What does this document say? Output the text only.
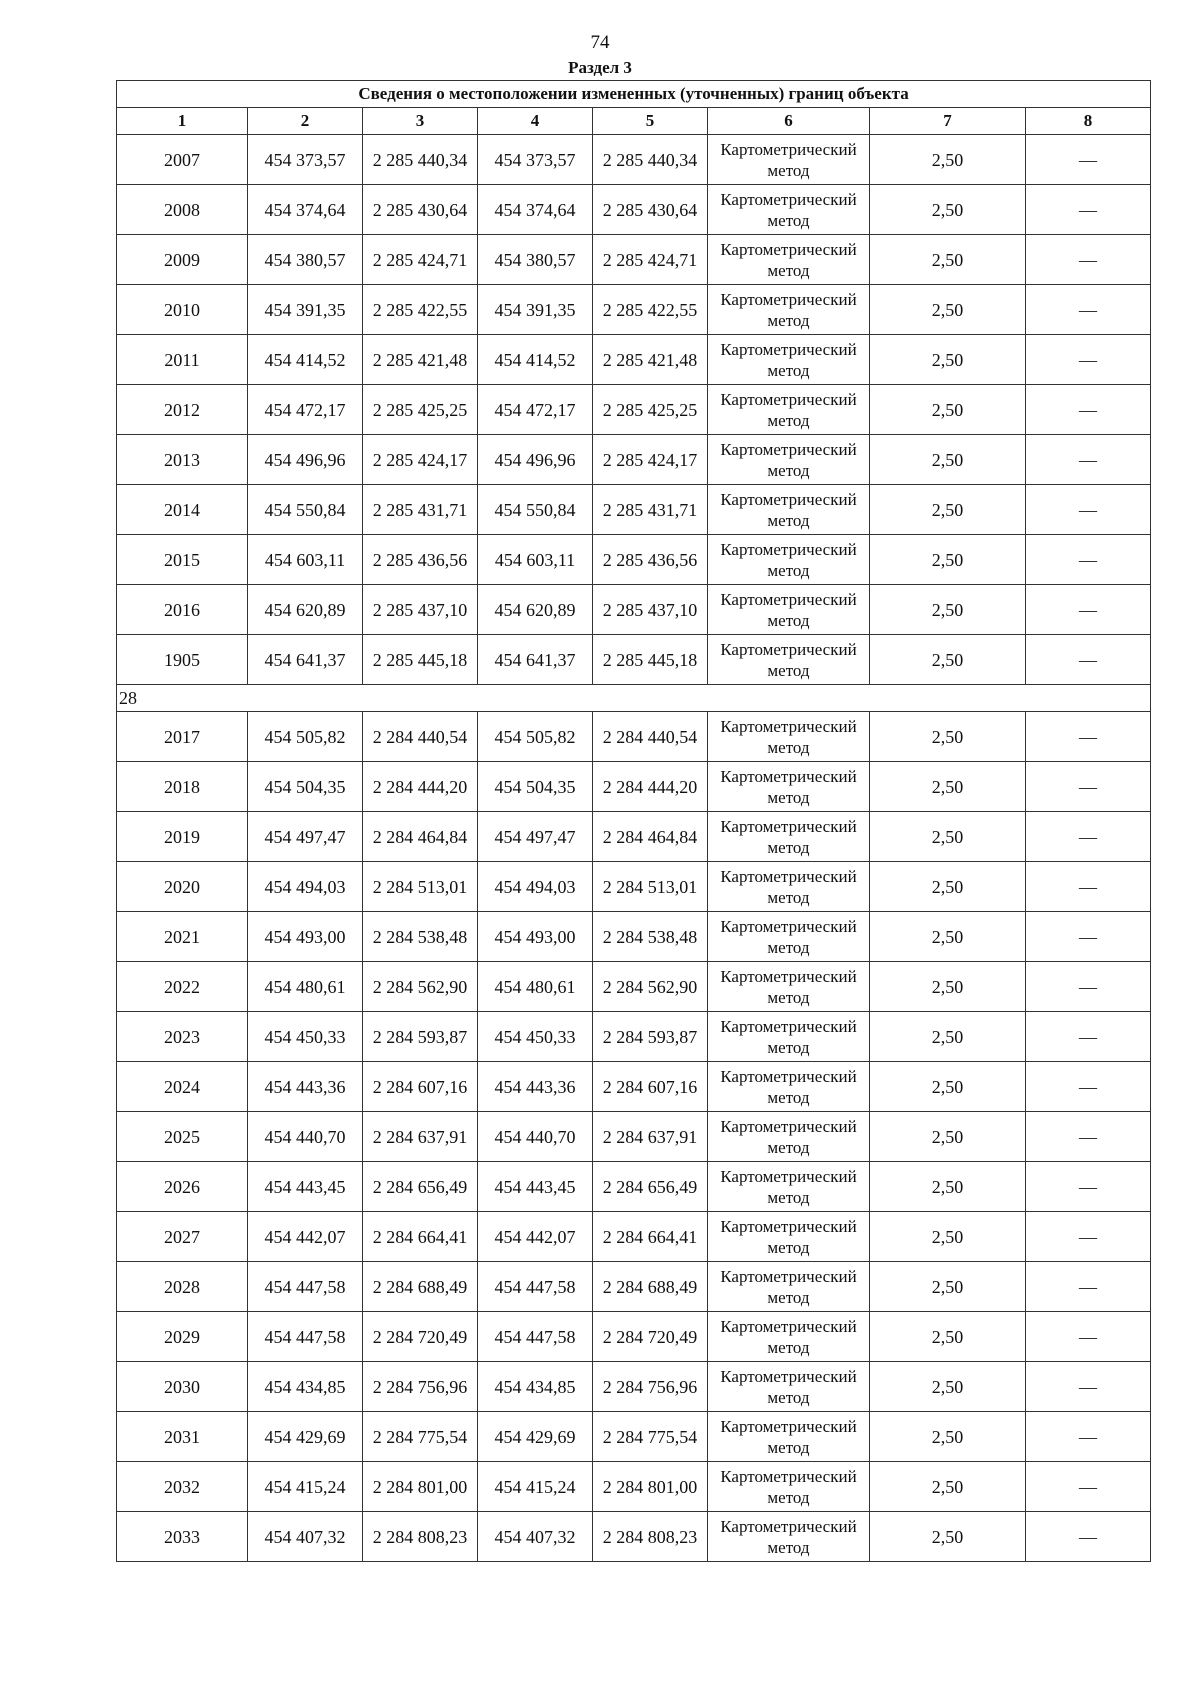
74
Раздел 3
Сведения о местоположении измененных (уточненных) границ объекта							
1	2	3	4	5	6	7	8
2007	454 373,57	2 285 440,34	454 373,57	2 285 440,34	Картометрический метод	2,50	—
2008	454 374,64	2 285 430,64	454 374,64	2 285 430,64	Картометрический метод	2,50	—
2009	454 380,57	2 285 424,71	454 380,57	2 285 424,71	Картометрический метод	2,50	—
2010	454 391,35	2 285 422,55	454 391,35	2 285 422,55	Картометрический метод	2,50	—
2011	454 414,52	2 285 421,48	454 414,52	2 285 421,48	Картометрический метод	2,50	—
2012	454 472,17	2 285 425,25	454 472,17	2 285 425,25	Картометрический метод	2,50	—
2013	454 496,96	2 285 424,17	454 496,96	2 285 424,17	Картометрический метод	2,50	—
2014	454 550,84	2 285 431,71	454 550,84	2 285 431,71	Картометрический метод	2,50	—
2015	454 603,11	2 285 436,56	454 603,11	2 285 436,56	Картометрический метод	2,50	—
2016	454 620,89	2 285 437,10	454 620,89	2 285 437,10	Картометрический метод	2,50	—
1905	454 641,37	2 285 445,18	454 641,37	2 285 445,18	Картометрический метод	2,50	—
28							
2017	454 505,82	2 284 440,54	454 505,82	2 284 440,54	Картометрический метод	2,50	—
2018	454 504,35	2 284 444,20	454 504,35	2 284 444,20	Картометрический метод	2,50	—
2019	454 497,47	2 284 464,84	454 497,47	2 284 464,84	Картометрический метод	2,50	—
2020	454 494,03	2 284 513,01	454 494,03	2 284 513,01	Картометрический метод	2,50	—
2021	454 493,00	2 284 538,48	454 493,00	2 284 538,48	Картометрический метод	2,50	—
2022	454 480,61	2 284 562,90	454 480,61	2 284 562,90	Картометрический метод	2,50	—
2023	454 450,33	2 284 593,87	454 450,33	2 284 593,87	Картометрический метод	2,50	—
2024	454 443,36	2 284 607,16	454 443,36	2 284 607,16	Картометрический метод	2,50	—
2025	454 440,70	2 284 637,91	454 440,70	2 284 637,91	Картометрический метод	2,50	—
2026	454 443,45	2 284 656,49	454 443,45	2 284 656,49	Картометрический метод	2,50	—
2027	454 442,07	2 284 664,41	454 442,07	2 284 664,41	Картометрический метод	2,50	—
2028	454 447,58	2 284 688,49	454 447,58	2 284 688,49	Картометрический метод	2,50	—
2029	454 447,58	2 284 720,49	454 447,58	2 284 720,49	Картометрический метод	2,50	—
2030	454 434,85	2 284 756,96	454 434,85	2 284 756,96	Картометрический метод	2,50	—
2031	454 429,69	2 284 775,54	454 429,69	2 284 775,54	Картометрический метод	2,50	—
2032	454 415,24	2 284 801,00	454 415,24	2 284 801,00	Картометрический метод	2,50	—
2033	454 407,32	2 284 808,23	454 407,32	2 284 808,23	Картометрический метод	2,50	—
